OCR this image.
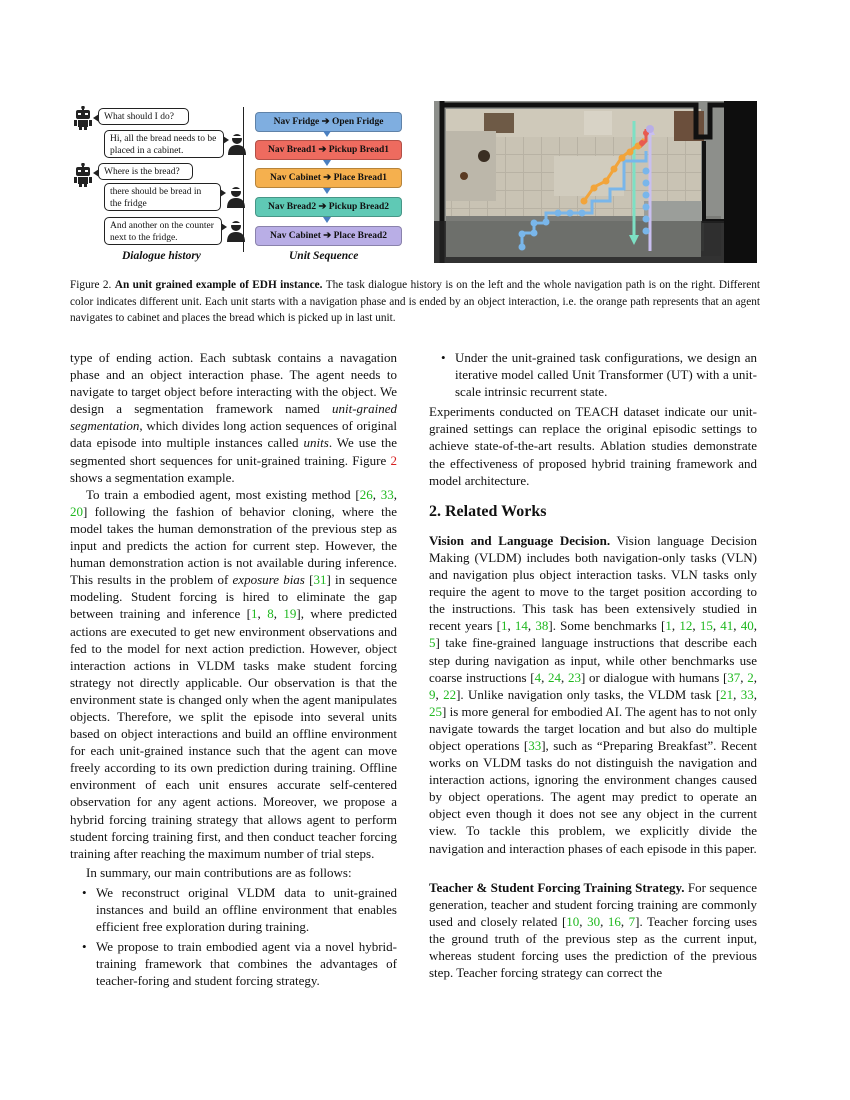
What should I do?
Hi, all the bread needs to be placed in a cabinet.
Where is the bread?
there should be bread in the fridge
And another on the counter next to the fridge.
Dialogue history
Nav Fridge ➔ Open Fridge
Nav Bread1 ➔ Pickup Bread1
Nav Cabinet ➔ Place Bread1
Nav Bread2 ➔ Pickup Bread2
Nav Cabinet ➔ Place Bread2
Unit Sequence
Figure 2. An unit grained example of EDH instance. The task dialogue history is on the left and the whole navigation path is on the right. Different color indicates different unit. Each unit starts with a navigation phase and is ended by an object interaction, i.e. the orange path represents that an agent navigates to cabinet and places the bread which is picked up in last unit.

type of ending action. Each subtask contains a navagation phase and an object interaction phase. The agent needs to navigate to target object before interacting with the object. We design a segmentation framework named unit-grained segmentation, which divides long action sequences of original data episode into multiple instances called units. We use the segmented short sequences for unit-grained training. Figure 2 shows a segmentation example.

To train a embodied agent, most existing method [26, 33, 20] following the fashion of behavior cloning, where the model takes the human demonstration of the previous step as input and predicts the action for current step. However, the human demonstration action is not available during inference. This results in the problem of exposure bias [31] in sequence modeling. Student forcing is hired to eliminate the gap between training and inference [1, 8, 19], where predicted actions are executed to get new environment observations and fed to the model for next action prediction. However, object interaction actions in VLDM tasks make student forcing strategy not directly applicable. Our observation is that the environment state is changed only when the agent manipulates objects. Therefore, we split the episode into several units based on object interactions and build an offline environment for each unit-grained instance such that the agent can move freely according to its own prediction during training. Offline environment of each unit ensures accurate self-centered observation for any agent actions. Moreover, we propose a hybrid forcing training strategy that allows agent to perform student forcing training first, and then conduct teacher forcing training after reaching the maximum number of trial steps.

In summary, our main contributions are as follows:

• We reconstruct original VLDM data to unit-grained instances and build an offline environment that enables efficient free exploration during training.
• We propose to train embodied agent via a novel hybrid-training framework that combines the advantages of teacher-foring and student forcing strategy.
• Under the unit-grained task configurations, we design an iterative model called Unit Transformer (UT) with a unit-scale intrinsic recurrent state.

Experiments conducted on TEACH dataset indicate our unit-grained settings can replace the original episodic settings to achieve state-of-the-art results. Ablation studies demonstrate the effectiveness of proposed hybrid training framework and model architecture.

2. Related Works

Vision and Language Decision. Vision language Decision Making (VLDM) includes both navigation-only tasks (VLN) and navigation plus object interaction tasks. VLN tasks only require the agent to move to the target position according to the instructions. This task has been extensively studied in recent years [1, 14, 38]. Some benchmarks [1, 12, 15, 41, 40, 5] take fine-grained language instructions that describe each step during navigation as input, while other benchmarks use coarse instructions [4, 24, 23] or dialogue with humans [37, 2, 9, 22]. Unlike navigation only tasks, the VLDM task [21, 33, 25] is more general for embodied AI. The agent has to not only navigate towards the target location and but also do multiple object operations [33], such as “Preparing Breakfast”. Recent works on VLDM tasks do not distinguish the navigation and interaction actions, ignoring the environment changes caused by object operations. The agent may predict to operate an object even though it does not see any object in the current view. To tackle this problem, we explicitly divide the navigation and interaction phases of each episode in this paper.

Teacher & Student Forcing Training Strategy. For sequence generation, teacher and student forcing training are commonly used and closely related [10, 30, 16, 7]. Teacher forcing uses the ground truth of the previous step as the current input, whereas student forcing uses the prediction of the previous step. Teacher forcing strategy can correct the
